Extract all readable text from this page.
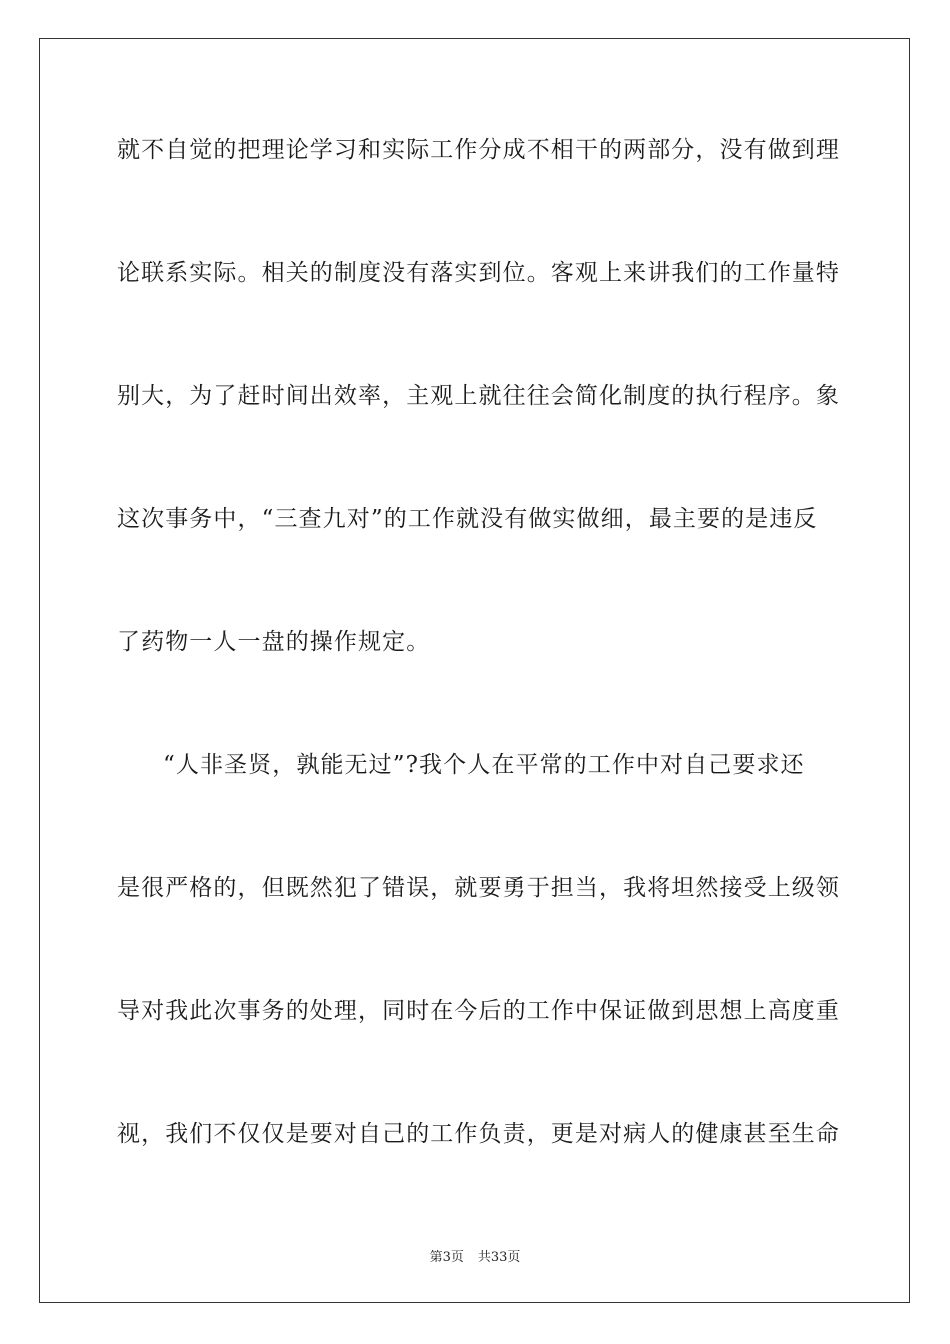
就不自觉的把理论学习和实际工作分成不相干的两部分，没有做到理
论联系实际。相关的制度没有落实到位。客观上来讲我们的工作量特
别大，为了赶时间出效率，主观上就往往会简化制度的执行程序。象
这次事务中，“三查九对”的工作就没有做实做细，最主要的是违反
了药物一人一盘的操作规定。
“人非圣贤，孰能无过”?我个人在平常的工作中对自己要求还
是很严格的，但既然犯了错误，就要勇于担当，我将坦然接受上级领
导对我此次事务的处理，同时在今后的工作中保证做到思想上高度重
视，我们不仅仅是要对自己的工作负责，更是对病人的健康甚至生命
第3页 共33页
